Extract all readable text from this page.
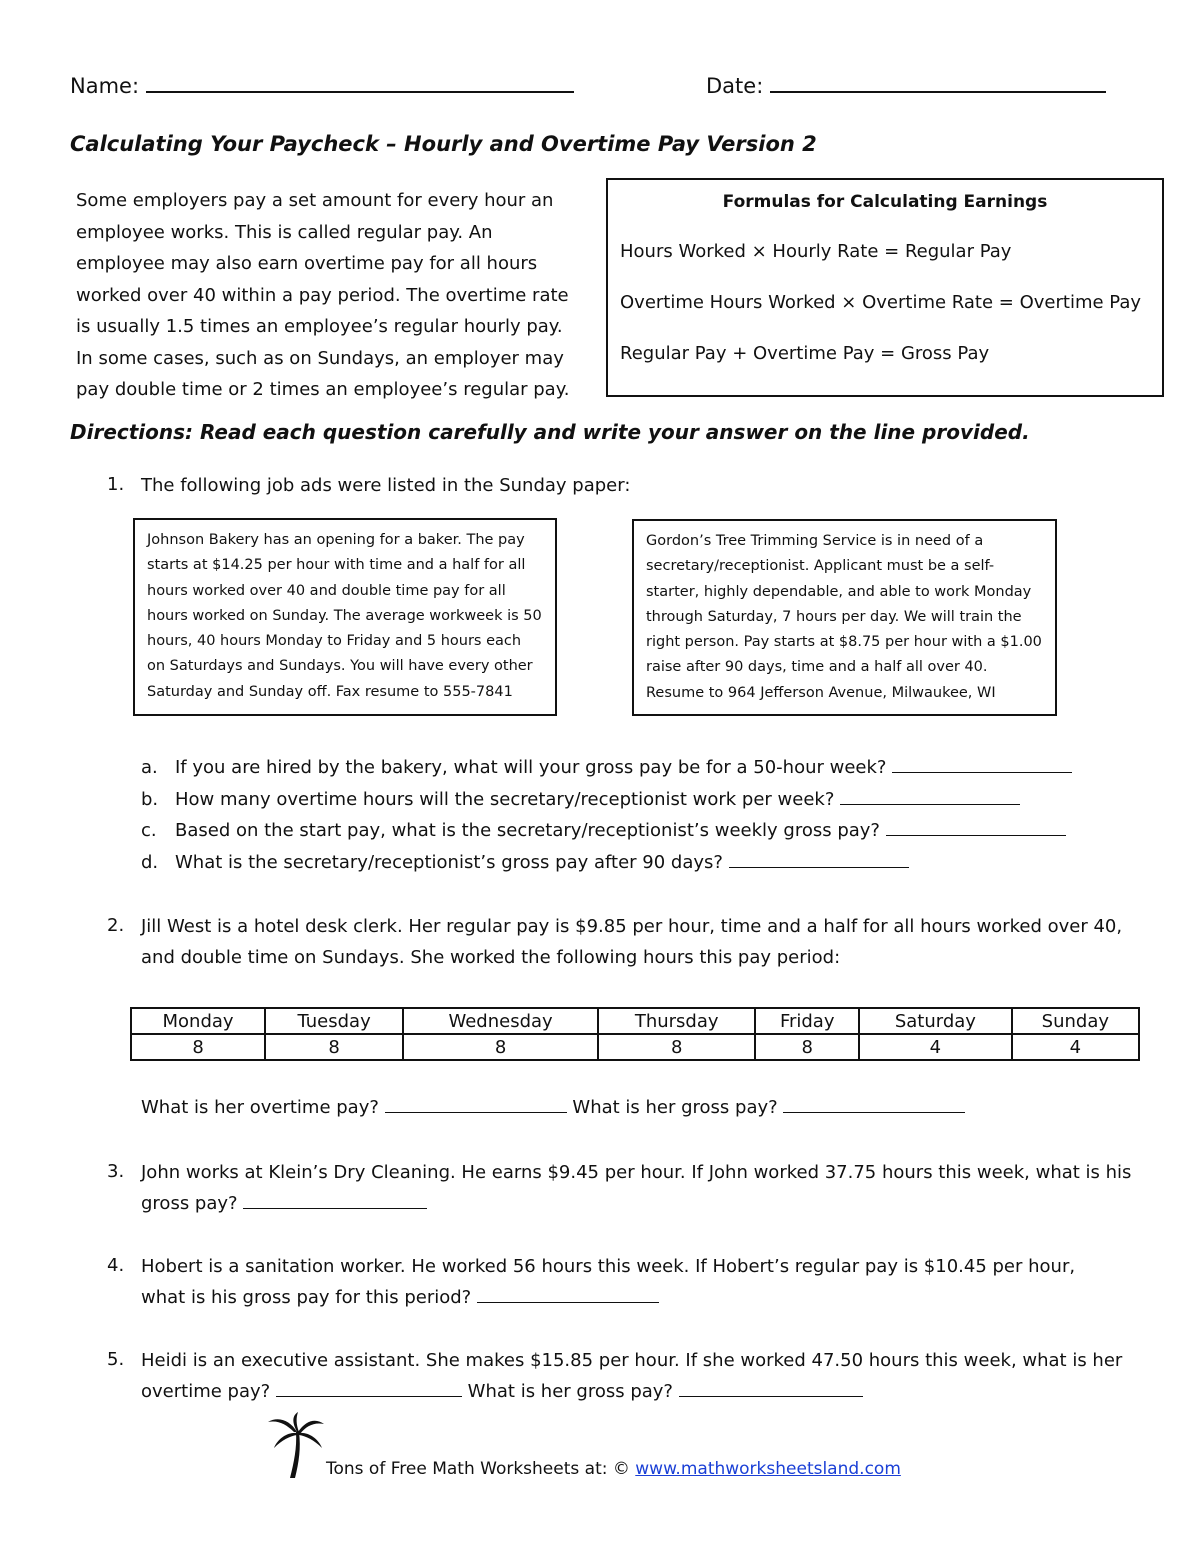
Name:	Date:
Calculating Your Paycheck – Hourly and Overtime Pay Version 2
Some employers pay a set amount for every hour an employee works. This is called regular pay. An employee may also earn overtime pay for all hours worked over 40 within a pay period. The overtime rate is usually 1.5 times an employee’s regular hourly pay. In some cases, such as on Sundays, an employer may pay double time or 2 times an employee’s regular pay.
Formulas for Calculating Earnings
Hours Worked × Hourly Rate = Regular Pay
Overtime Hours Worked × Overtime Rate = Overtime Pay
Regular Pay + Overtime Pay = Gross Pay
Directions: Read each question carefully and write your answer on the line provided.
1. The following job ads were listed in the Sunday paper:
Johnson Bakery has an opening for a baker. The pay starts at $14.25 per hour with time and a half for all hours worked over 40 and double time pay for all hours worked on Sunday. The average workweek is 50 hours, 40 hours Monday to Friday and 5 hours each on Saturdays and Sundays. You will have every other Saturday and Sunday off. Fax resume to 555-7841
Gordon’s Tree Trimming Service is in need of a secretary/receptionist. Applicant must be a self-starter, highly dependable, and able to work Monday through Saturday, 7 hours per day. We will train the right person. Pay starts at $8.75 per hour with a $1.00 raise after 90 days, time and a half all over 40. Resume to 964 Jefferson Avenue, Milwaukee, WI
a. If you are hired by the bakery, what will your gross pay be for a 50-hour week?
b. How many overtime hours will the secretary/receptionist work per week?
c. Based on the start pay, what is the secretary/receptionist’s weekly gross pay?
d. What is the secretary/receptionist’s gross pay after 90 days?
2. Jill West is a hotel desk clerk. Her regular pay is $9.85 per hour, time and a half for all hours worked over 40, and double time on Sundays. She worked the following hours this pay period:
Monday	Tuesday	Wednesday	Thursday	Friday	Saturday	Sunday
8	8	8	8	8	4	4
What is her overtime pay?	What is her gross pay?
3. John works at Klein’s Dry Cleaning. He earns $9.45 per hour. If John worked 37.75 hours this week, what is his gross pay?
4. Hobert is a sanitation worker. He worked 56 hours this week. If Hobert’s regular pay is $10.45 per hour, what is his gross pay for this period?
5. Heidi is an executive assistant. She makes $15.85 per hour. If she worked 47.50 hours this week, what is her overtime pay?	What is her gross pay?
Tons of Free Math Worksheets at: © www.mathworksheetsland.com
